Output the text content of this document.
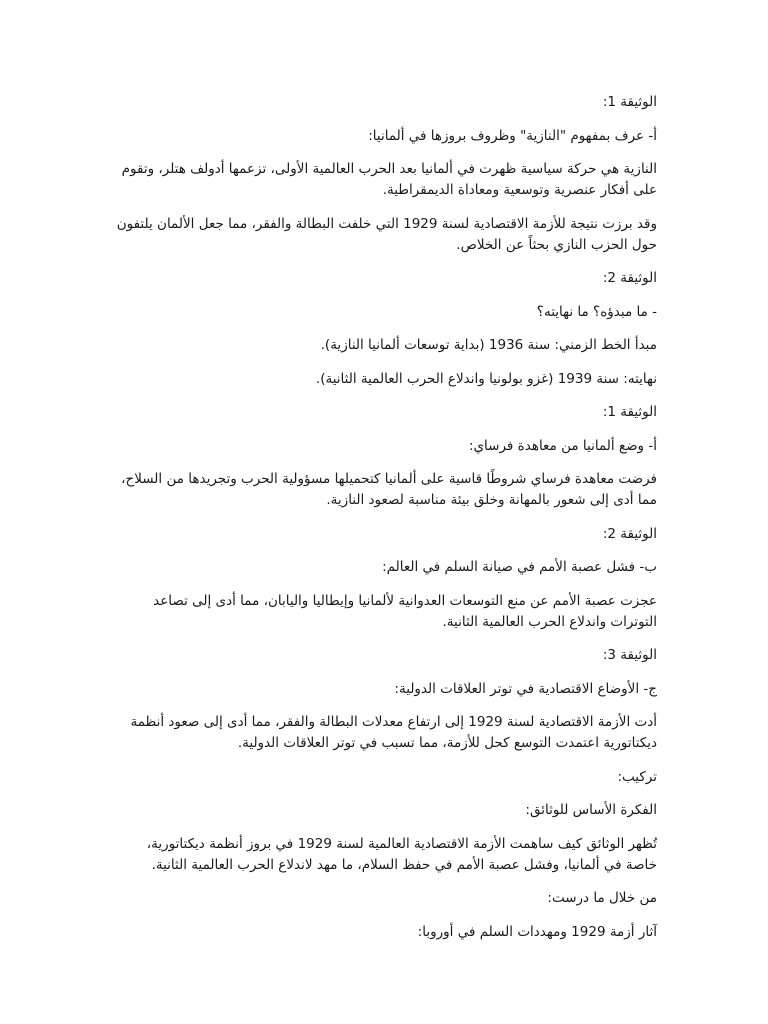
الوثيقة 1:

أ- عرف بمفهوم "النازية" وظروف بروزها في ألمانيا:

النازية هي حركة سياسية ظهرت في ألمانيا بعد الحرب العالمية الأولى، تزعمها أدولف هتلر، وتقوم على أفكار عنصرية وتوسعية ومعاداة الديمقراطية.

وقد برزت نتيجة للأزمة الاقتصادية لسنة 1929 التي خلفت البطالة والفقر، مما جعل الألمان يلتفون حول الحزب النازي بحثاً عن الخلاص.

الوثيقة 2:

- ما مبدؤه؟ ما نهايته؟

مبدأ الخط الزمني: سنة 1936 (بداية توسعات ألمانيا النازية).

نهايته: سنة 1939 (غزو بولونيا واندلاع الحرب العالمية الثانية).

الوثيقة 1:

أ- وضع ألمانيا من معاهدة فرساي:

فرضت معاهدة فرساي شروطًا قاسية على ألمانيا كتحميلها مسؤولية الحرب وتجريدها من السلاح، مما أدى إلى شعور بالمهانة وخلق بيئة مناسبة لصعود النازية.

الوثيقة 2:

ب- فشل عصبة الأمم في صيانة السلم في العالم:

عجزت عصبة الأمم عن منع التوسعات العدوانية لألمانيا وإيطاليا واليابان، مما أدى إلى تصاعد التوترات واندلاع الحرب العالمية الثانية.

الوثيقة 3:

ج- الأوضاع الاقتصادية في توتر العلاقات الدولية:

أدت الأزمة الاقتصادية لسنة 1929 إلى ارتفاع معدلات البطالة والفقر، مما أدى إلى صعود أنظمة ديكتاتورية اعتمدت التوسع كحل للأزمة، مما تسبب في توتر العلاقات الدولية.

تركيب:

الفكرة الأساس للوثائق:

تُظهر الوثائق كيف ساهمت الأزمة الاقتصادية العالمية لسنة 1929 في بروز أنظمة ديكتاتورية، خاصة في ألمانيا، وفشل عصبة الأمم في حفظ السلام، ما مهد لاندلاع الحرب العالمية الثانية.

من خلال ما درست:

آثار أزمة 1929 ومهددات السلم في أوروبا:
